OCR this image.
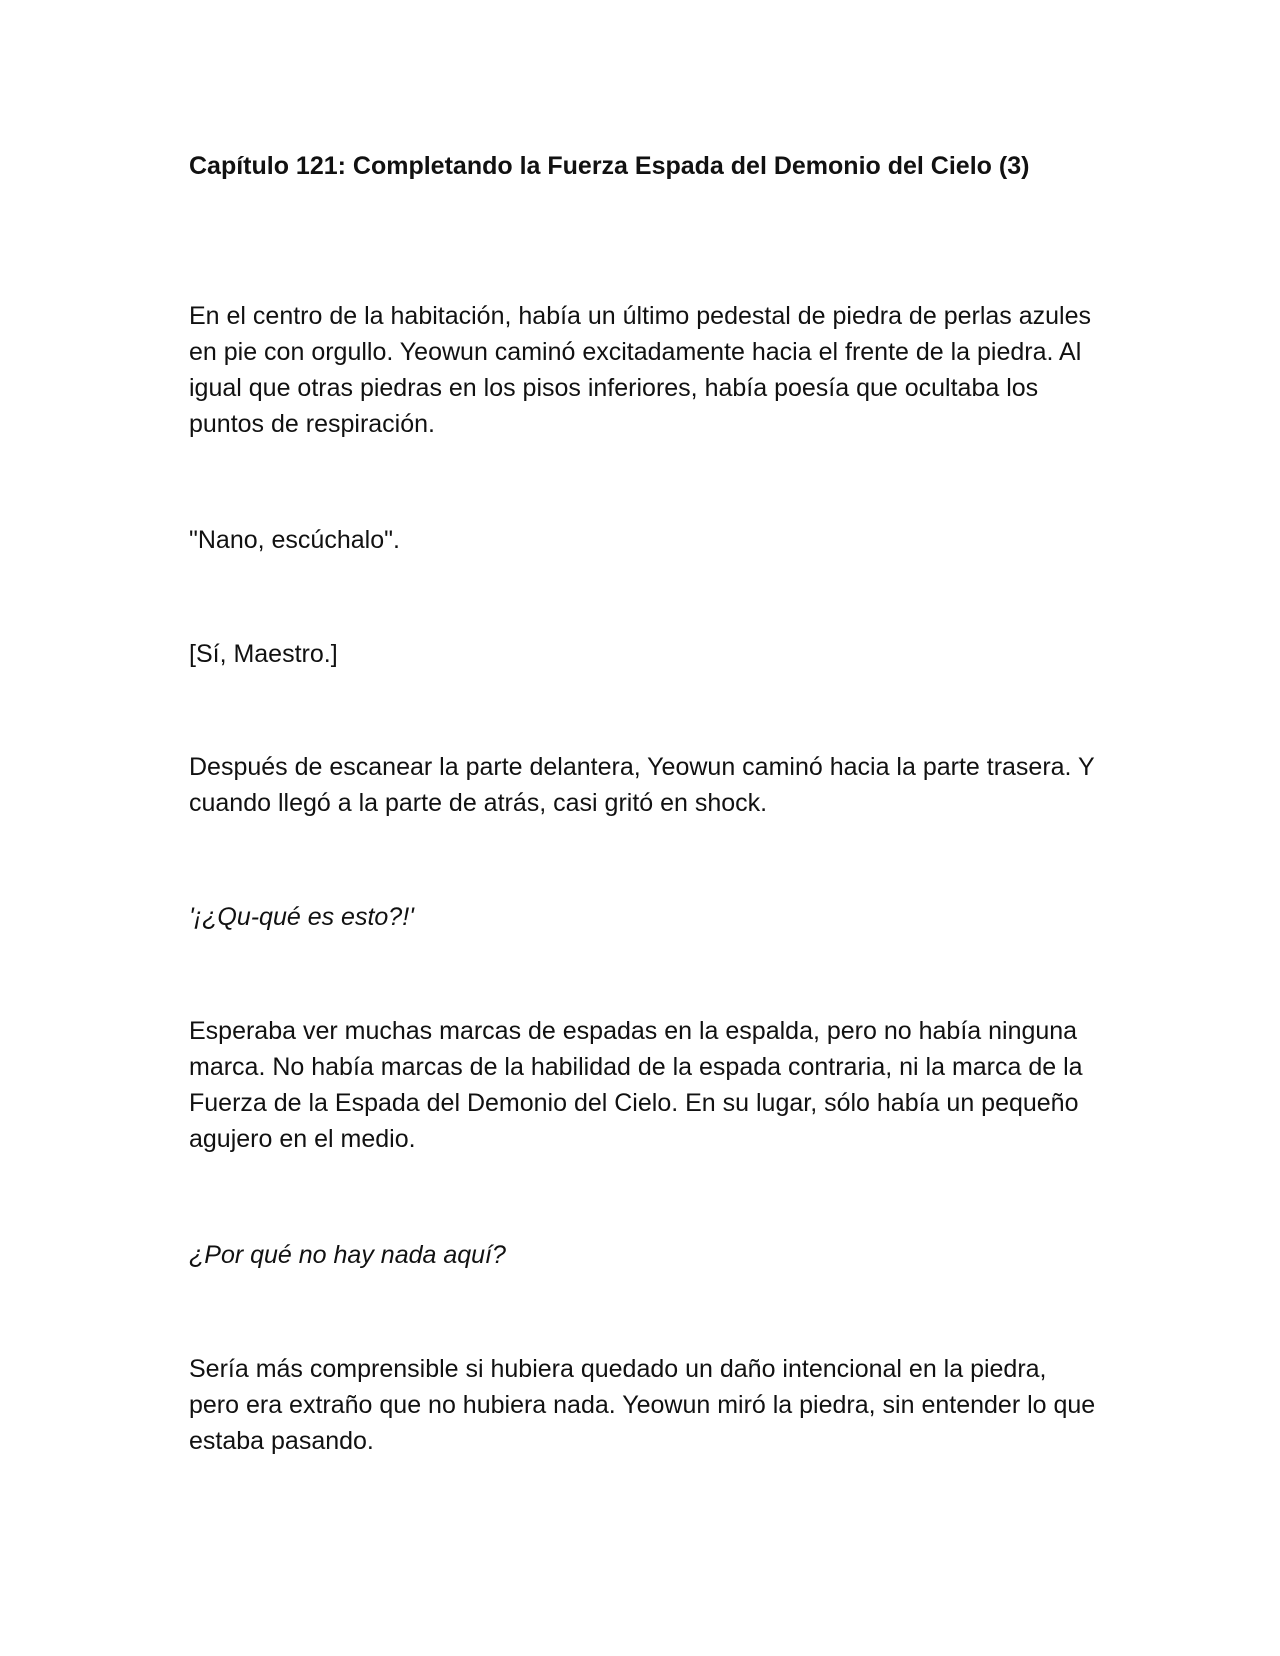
Capítulo 121: Completando la Fuerza Espada del Demonio del Cielo (3)

En el centro de la habitación, había un último pedestal de piedra de perlas azules en pie con orgullo. Yeowun caminó excitadamente hacia el frente de la piedra. Al igual que otras piedras en los pisos inferiores, había poesía que ocultaba los puntos de respiración.

"Nano, escúchalo".

[Sí, Maestro.]

Después de escanear la parte delantera, Yeowun caminó hacia la parte trasera. Y cuando llegó a la parte de atrás, casi gritó en shock.

'¡¿Qu-qué es esto?!'

Esperaba ver muchas marcas de espadas en la espalda, pero no había ninguna marca. No había marcas de la habilidad de la espada contraria, ni la marca de la Fuerza de la Espada del Demonio del Cielo. En su lugar, sólo había un pequeño agujero en el medio.

¿Por qué no hay nada aquí?

Sería más comprensible si hubiera quedado un daño intencional en la piedra, pero era extraño que no hubiera nada. Yeowun miró la piedra, sin entender lo que estaba pasando.
